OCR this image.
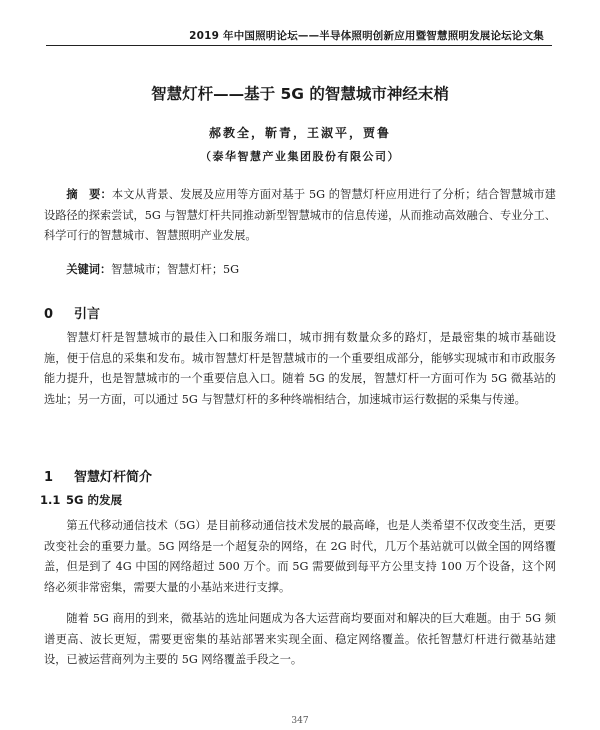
2019 年中国照明论坛——半导体照明创新应用暨智慧照明发展论坛论文集
智慧灯杆——基于 5G 的智慧城市神经末梢
郝教全，靳青，王淑平，贾鲁
（泰华智慧产业集团股份有限公司）

摘　要：本文从背景、发展及应用等方面对基于 5G 的智慧灯杆应用进行了分析；结合智慧城市建设路径的探索尝试，5G 与智慧灯杆共同推动新型智慧城市的信息传递，从而推动高效融合、专业分工、科学可行的智慧城市、智慧照明产业发展。

关键词：智慧城市；智慧灯杆；5G

0 引言

智慧灯杆是智慧城市的最佳入口和服务端口，城市拥有数量众多的路灯，是最密集的城市基础设施，便于信息的采集和发布。城市智慧灯杆是智慧城市的一个重要组成部分，能够实现城市和市政服务能力提升，也是智慧城市的一个重要信息入口。随着 5G 的发展，智慧灯杆一方面可作为 5G 微基站的选址；另一方面，可以通过 5G 与智慧灯杆的多种终端相结合，加速城市运行数据的采集与传递。

1 智慧灯杆简介
1.1 5G 的发展

第五代移动通信技术（5G）是目前移动通信技术发展的最高峰，也是人类希望不仅改变生活，更要改变社会的重要力量。5G 网络是一个超复杂的网络，在 2G 时代，几万个基站就可以做全国的网络覆盖，但是到了 4G 中国的网络超过 500 万个。而 5G 需要做到每平方公里支持 100 万个设备，这个网络必须非常密集，需要大量的小基站来进行支撑。

随着 5G 商用的到来，微基站的选址问题成为各大运营商均要面对和解决的巨大难题。由于 5G 频谱更高、波长更短，需要更密集的基站部署来实现全面、稳定网络覆盖。依托智慧灯杆进行微基站建设，已被运营商列为主要的 5G 网络覆盖手段之一。

347
